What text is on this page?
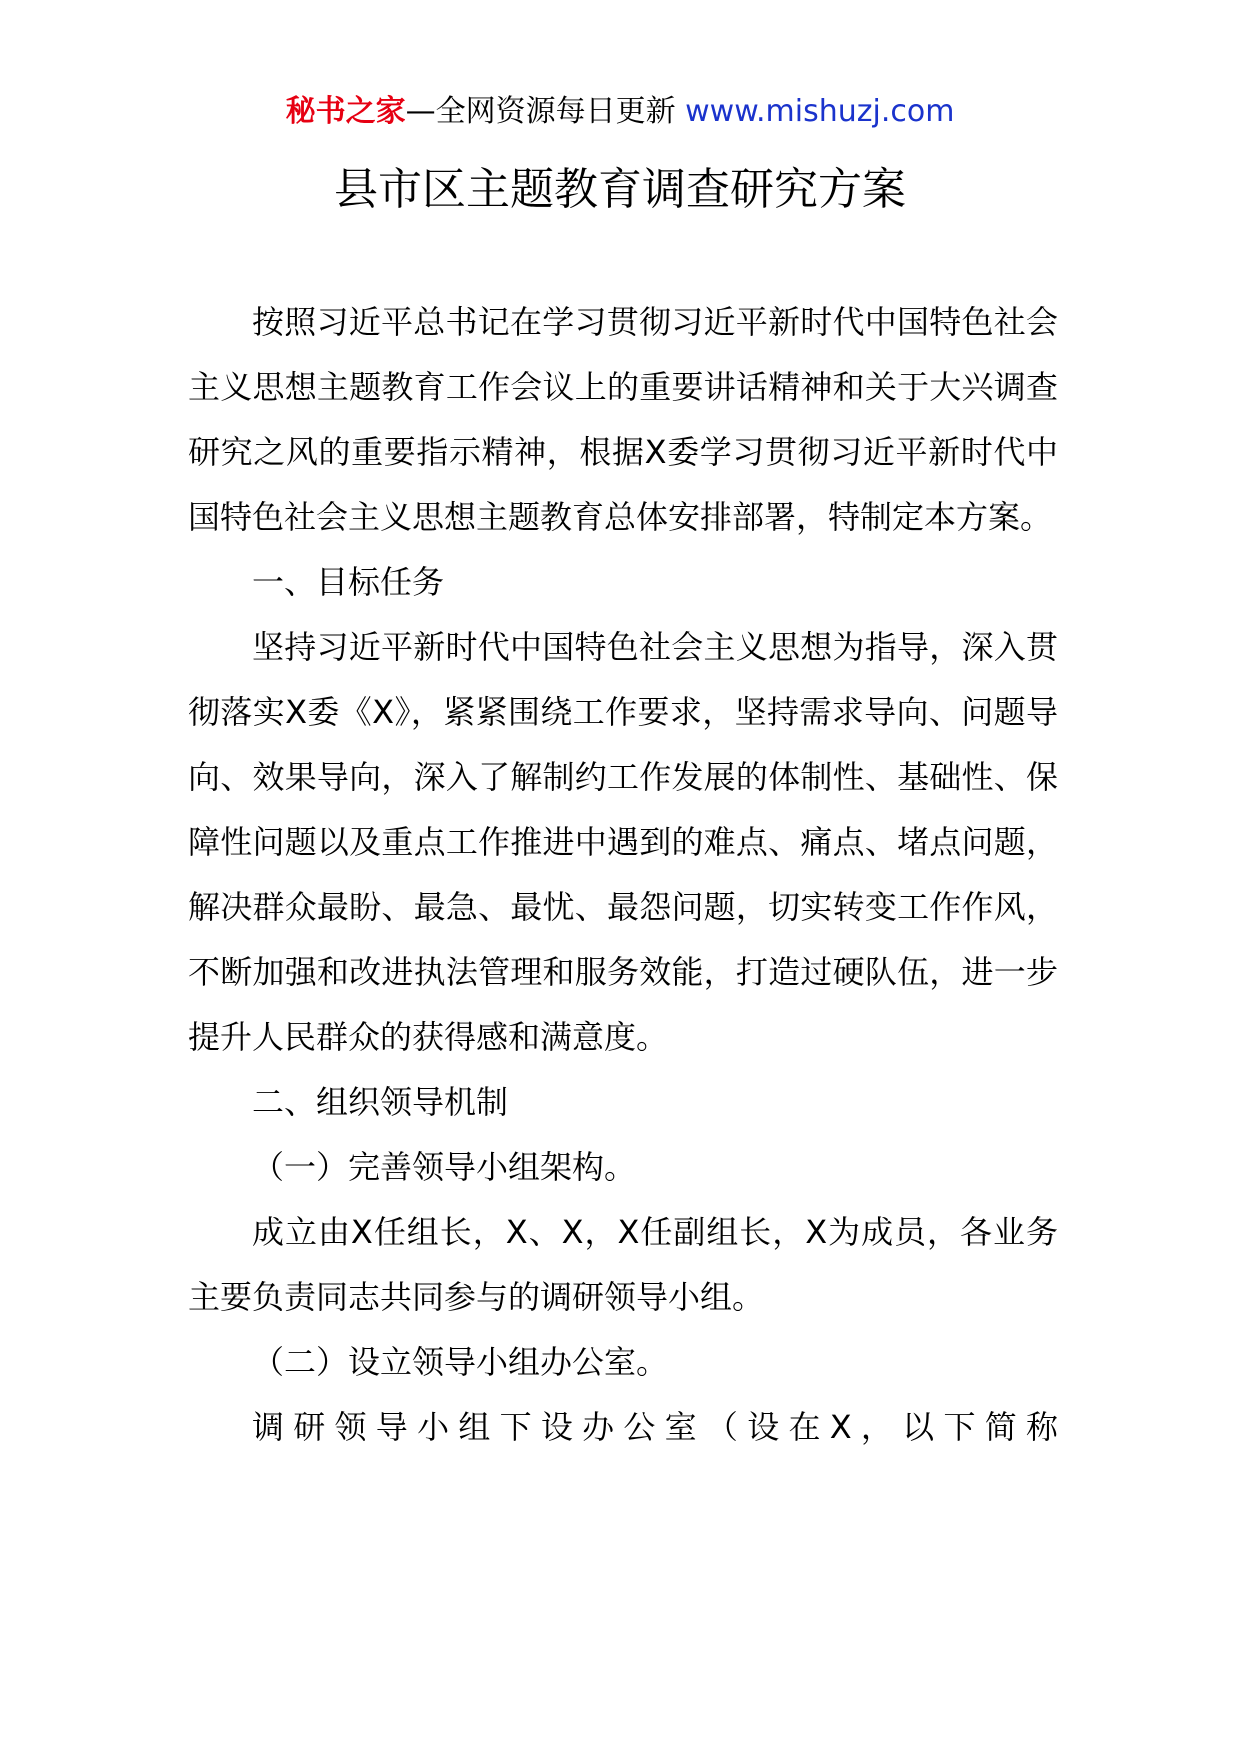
秘书之家—全网资源每日更新 www.mishuzj.com
县市区主题教育调查研究方案

按照习近平总书记在学习贯彻习近平新时代中国特色社会主义思想主题教育工作会议上的重要讲话精神和关于大兴调查研究之风的重要指示精神，根据X委学习贯彻习近平新时代中国特色社会主义思想主题教育总体安排部署，特制定本方案。

一、目标任务

坚持习近平新时代中国特色社会主义思想为指导，深入贯彻落实X委《X》，紧紧围绕工作要求，坚持需求导向、问题导向、效果导向，深入了解制约工作发展的体制性、基础性、保障性问题以及重点工作推进中遇到的难点、痛点、堵点问题，解决群众最盼、最急、最忧、最怨问题，切实转变工作作风，不断加强和改进执法管理和服务效能，打造过硬队伍，进一步提升人民群众的获得感和满意度。

二、组织领导机制

（一）完善领导小组架构。

成立由X任组长，X、X，X任副组长，X为成员，各业务主要负责同志共同参与的调研领导小组。

（二）设立领导小组办公室。

调研领导小组下设办公室（设在X，以下简称
